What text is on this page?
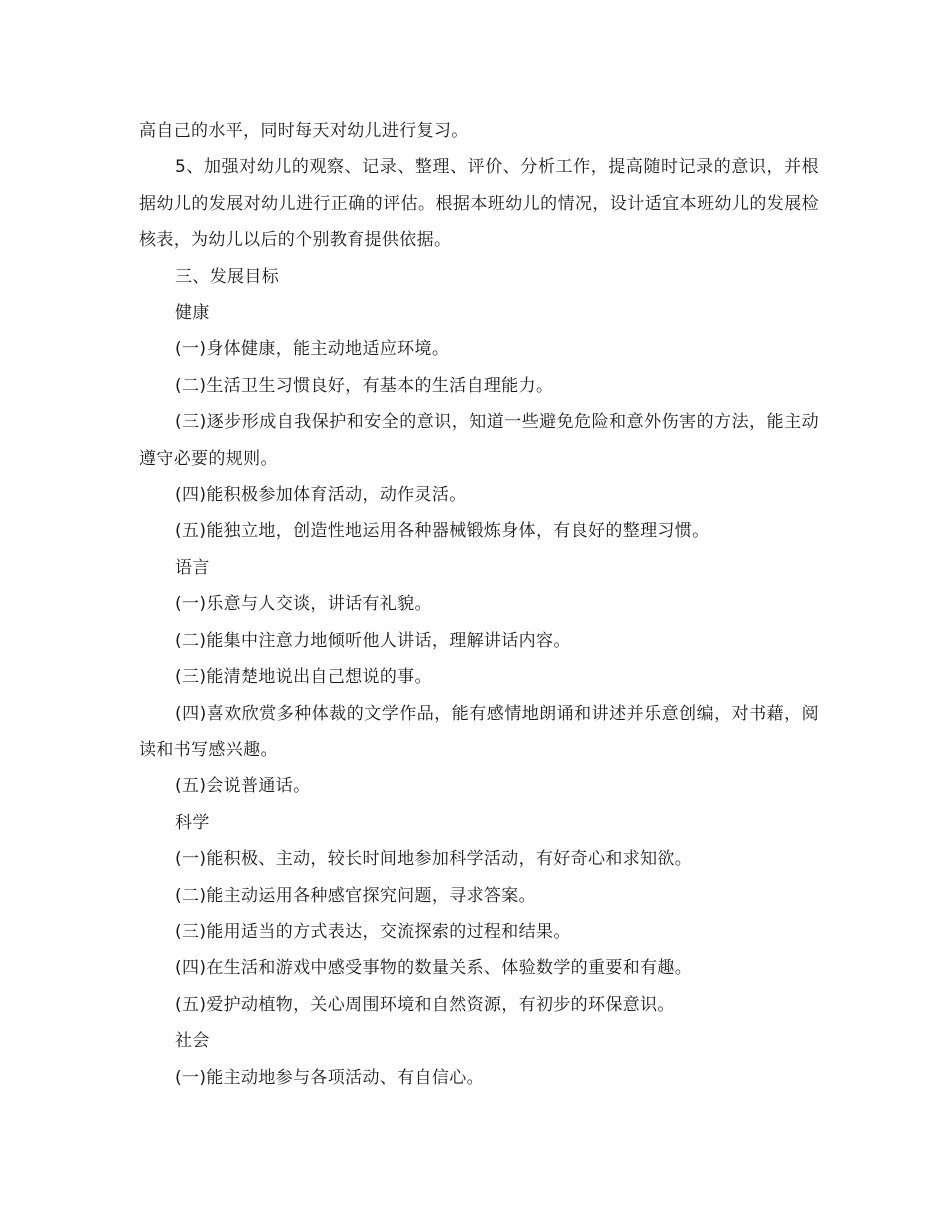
高自己的水平，同时每天对幼儿进行复习。

5、加强对幼儿的观察、记录、整理、评价、分析工作，提高随时记录的意识，并根据幼儿的发展对幼儿进行正确的评估。根据本班幼儿的情况，设计适宜本班幼儿的发展检核表，为幼儿以后的个别教育提供依据。

三、发展目标

健康

(一)身体健康，能主动地适应环境。

(二)生活卫生习惯良好，有基本的生活自理能力。

(三)逐步形成自我保护和安全的意识，知道一些避免危险和意外伤害的方法，能主动遵守必要的规则。

(四)能积极参加体育活动，动作灵活。

(五)能独立地，创造性地运用各种器械锻炼身体，有良好的整理习惯。

语言

(一)乐意与人交谈，讲话有礼貌。

(二)能集中注意力地倾听他人讲话，理解讲话内容。

(三)能清楚地说出自己想说的事。

(四)喜欢欣赏多种体裁的文学作品，能有感情地朗诵和讲述并乐意创编，对书藉，阅读和书写感兴趣。

(五)会说普通话。

科学

(一)能积极、主动，较长时间地参加科学活动，有好奇心和求知欲。

(二)能主动运用各种感官探究问题，寻求答案。

(三)能用适当的方式表达，交流探索的过程和结果。

(四)在生活和游戏中感受事物的数量关系、体验数学的重要和有趣。

(五)爱护动植物，关心周围环境和自然资源，有初步的环保意识。

社会

(一)能主动地参与各项活动、有自信心。
